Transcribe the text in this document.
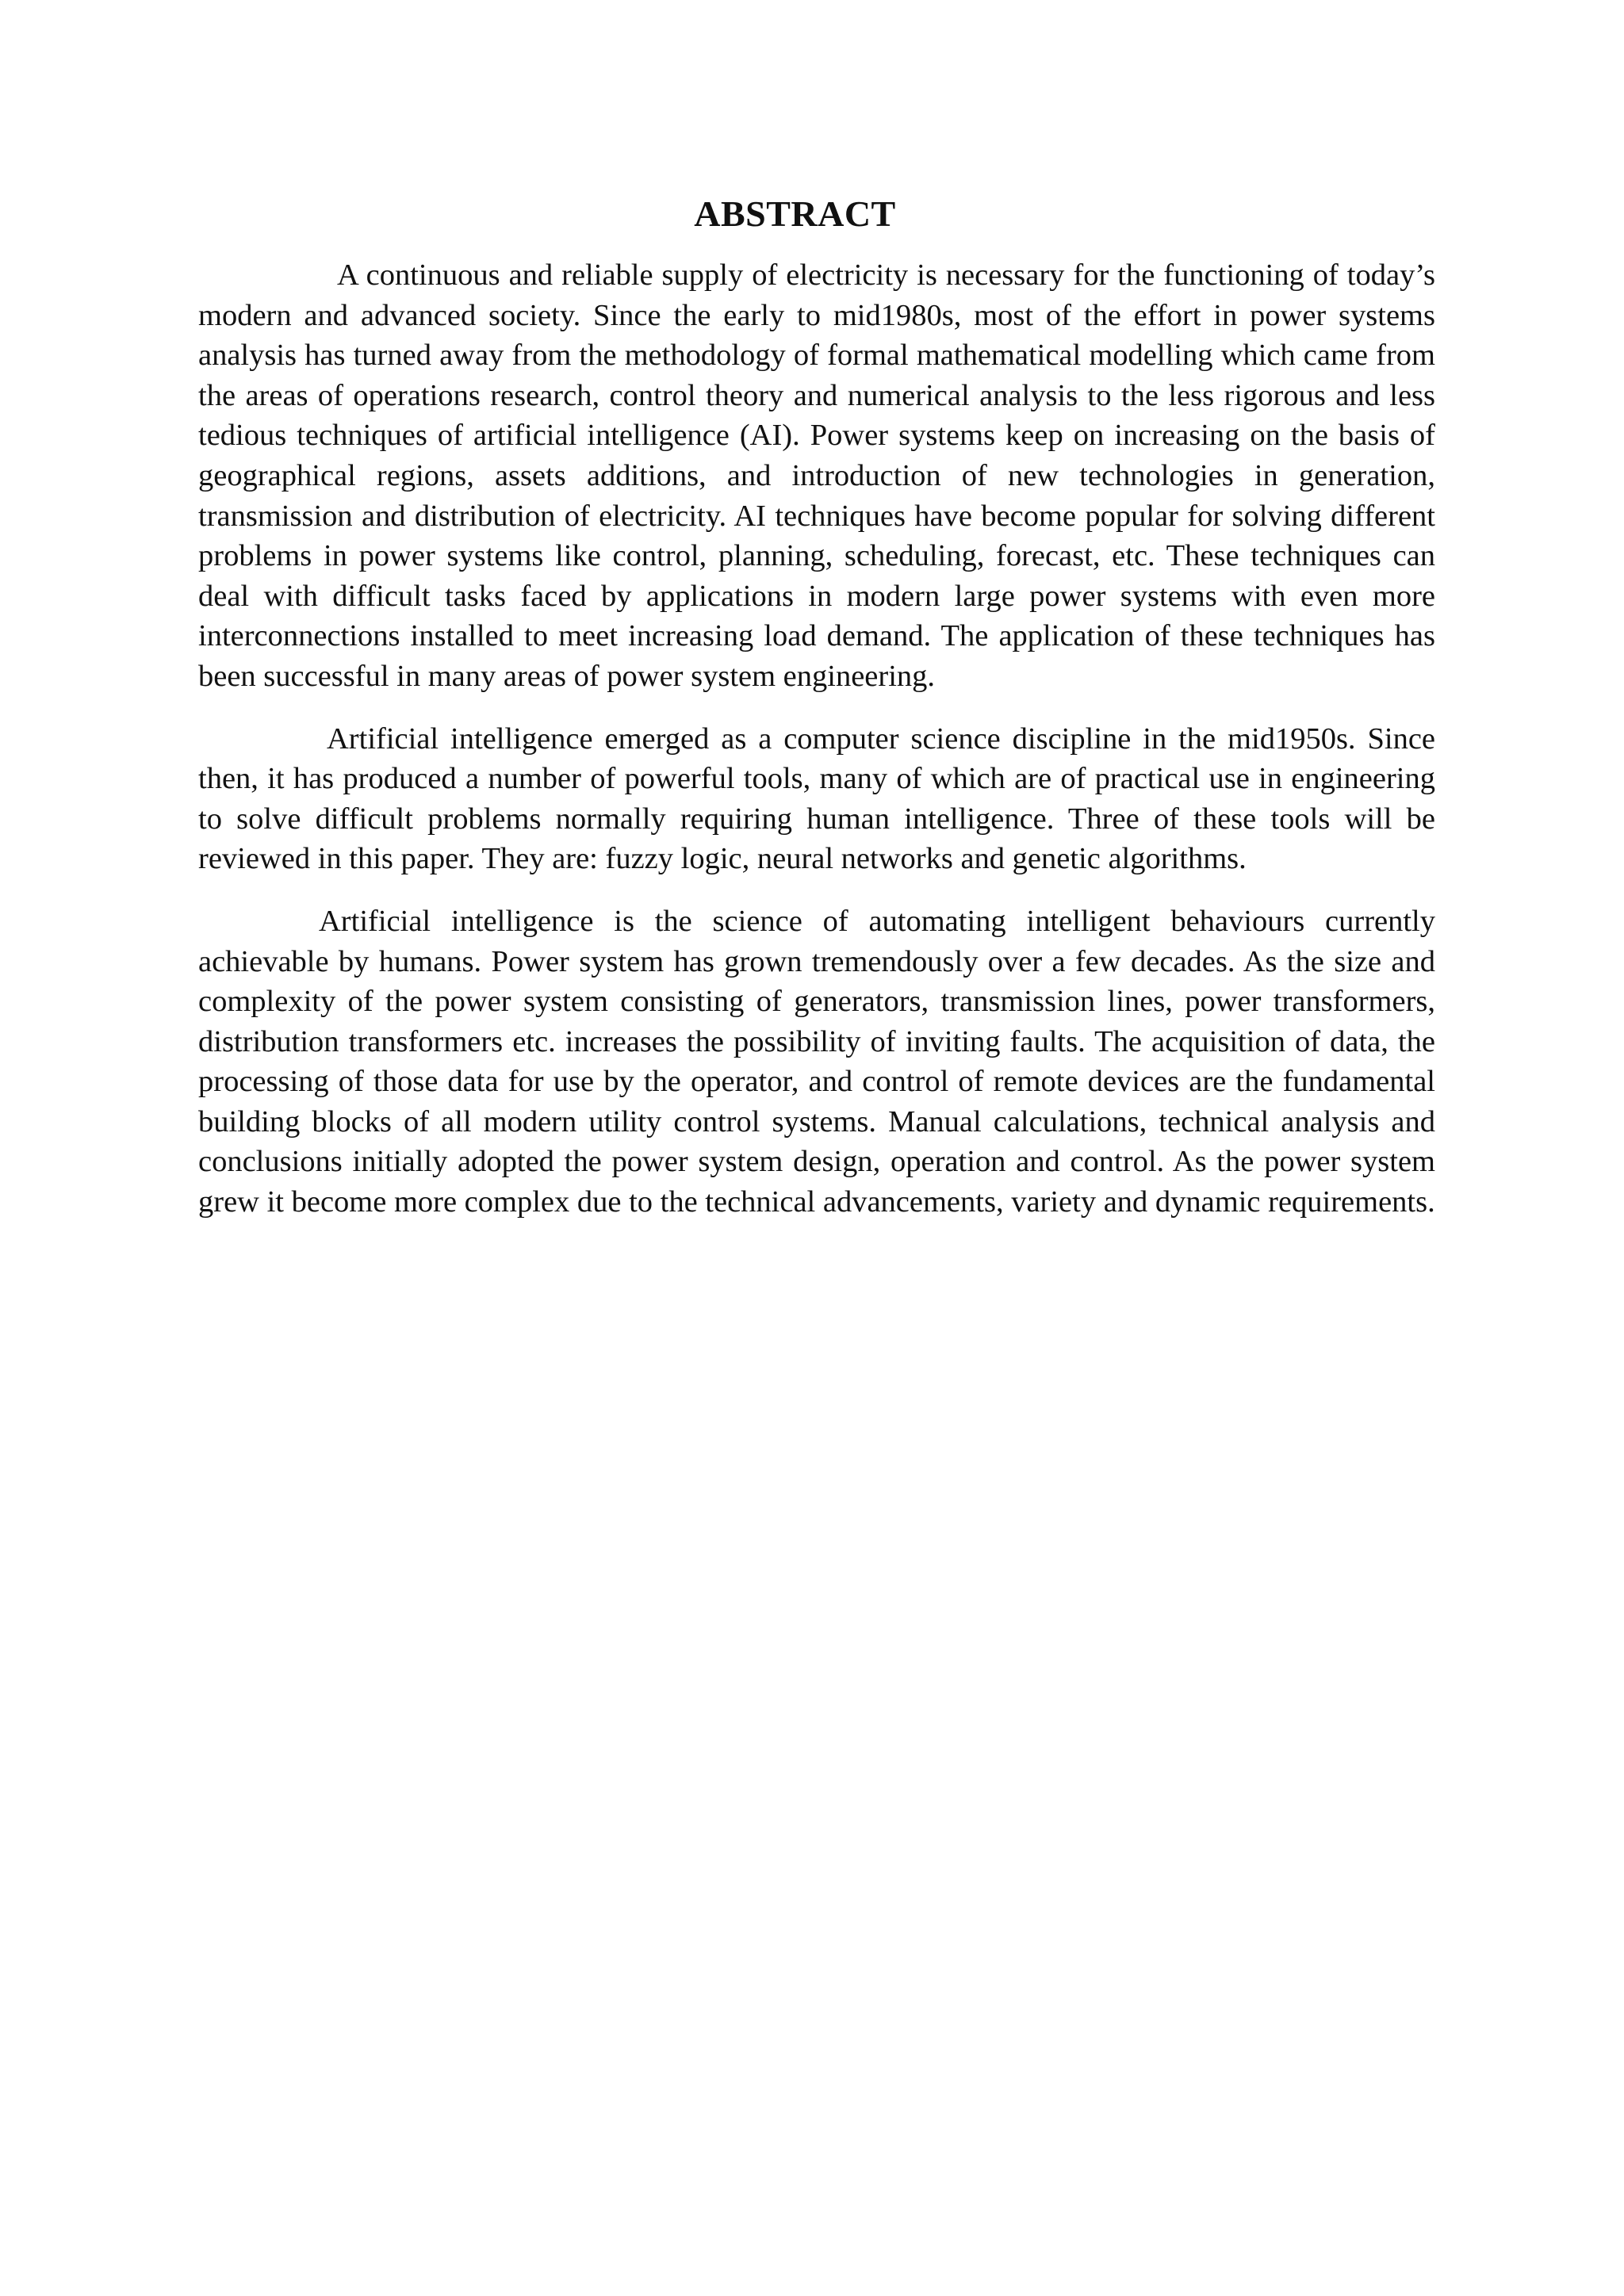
ABSTRACT

A continuous and reliable supply of electricity is necessary for the functioning of today’s modern and advanced society. Since the early to mid1980s, most of the effort in power systems analysis has turned away from the methodology of formal mathematical modelling which came from the areas of operations research, control theory and numerical analysis to the less rigorous and less tedious techniques of artificial intelligence (AI). Power systems keep on increasing on the basis of geographical regions, assets additions, and introduction of new technologies in generation, transmission and distribution of electricity. AI techniques have become popular for solving different problems in power systems like control, planning, scheduling, forecast, etc. These techniques can deal with difficult tasks faced by applications in modern large power systems with even more interconnections installed to meet increasing load demand. The application of these techniques has been successful in many areas of power system engineering.

Artificial intelligence emerged as a computer science discipline in the mid1950s. Since then, it has produced a number of powerful tools, many of which are of practical use in engineering to solve difficult problems normally requiring human intelligence. Three of these tools will be reviewed in this paper. They are: fuzzy logic, neural networks and genetic algorithms.

Artificial intelligence is the science of automating intelligent behaviours currently achievable by humans. Power system has grown tremendously over a few decades. As the size and complexity of the power system consisting of generators, transmission lines, power transformers, distribution transformers etc. increases the possibility of inviting faults. The acquisition of data, the processing of those data for use by the operator, and control of remote devices are the fundamental building blocks of all modern utility control systems. Manual calculations, technical analysis and conclusions initially adopted the power system design, operation and control. As the power system grew it become more complex due to the technical advancements, variety and dynamic requirements.
